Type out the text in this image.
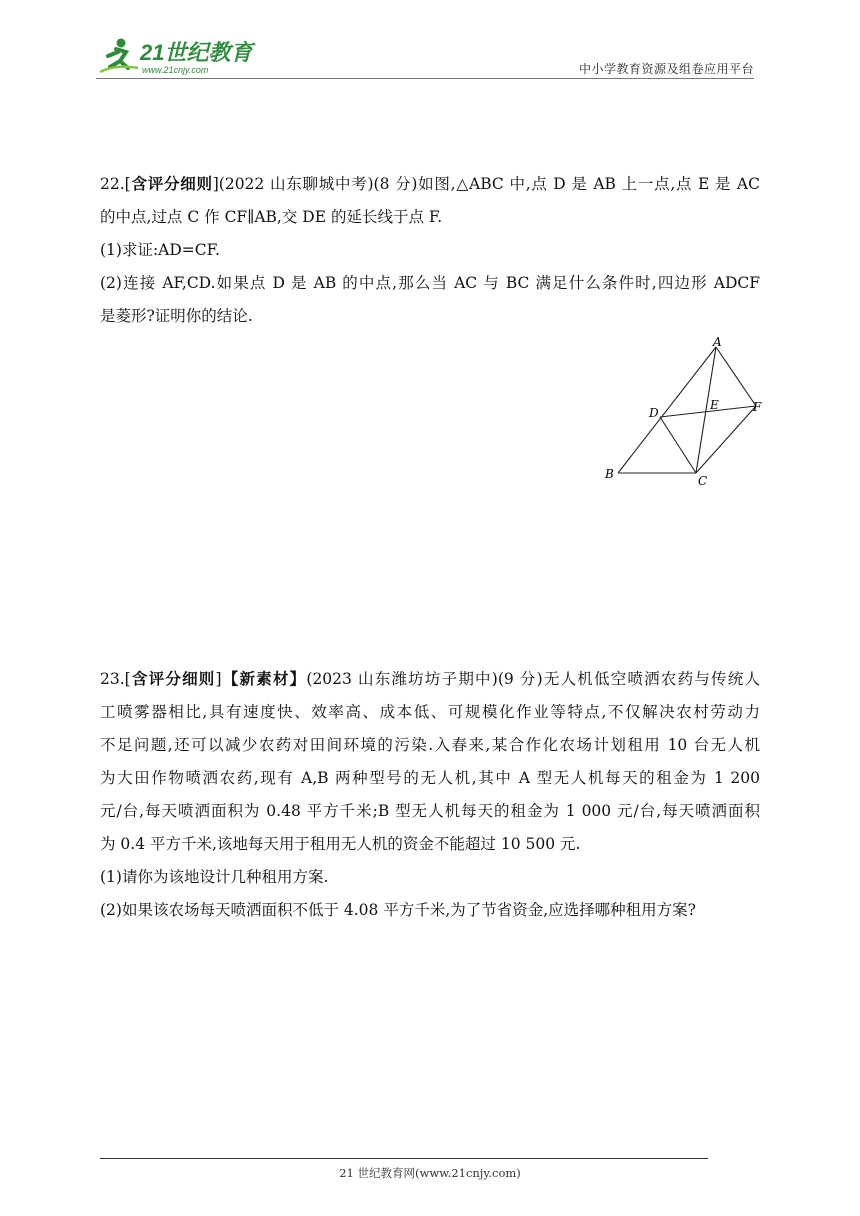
21世纪教育
www.21cnjy.com	中小学教育资源及组卷应用平台

22.[含评分细则](2022 山东聊城中考)(8 分)如图,△ABC 中,点 D 是 AB 上一点,点 E 是 AC

的中点,过点 C 作 CF∥AB,交 DE 的延长线于点 F.

(1)求证:AD=CF.

(2)连接 AF,CD.如果点 D 是 AB 的中点,那么当 AC 与 BC 满足什么条件时,四边形 ADCF

是菱形?证明你的结论.

A
B	C
D
E	F

23.[含评分细则]【新素材】(2023 山东潍坊坊子期中)(9 分)无人机低空喷洒农药与传统人

工喷雾器相比,具有速度快、效率高、成本低、可规模化作业等特点,不仅解决农村劳动力

不足问题,还可以减少农药对田间环境的污染.入春来,某合作化农场计划租用 10 台无人机

为大田作物喷洒农药,现有 A,B 两种型号的无人机,其中 A 型无人机每天的租金为 1 200

元/台,每天喷洒面积为 0.48 平方千米;B 型无人机每天的租金为 1 000 元/台,每天喷洒面积

为 0.4 平方千米,该地每天用于租用无人机的资金不能超过 10 500 元.

(1)请你为该地设计几种租用方案.

(2)如果该农场每天喷洒面积不低于 4.08 平方千米,为了节省资金,应选择哪种租用方案?

21 世纪教育网(www.21cnjy.com)
